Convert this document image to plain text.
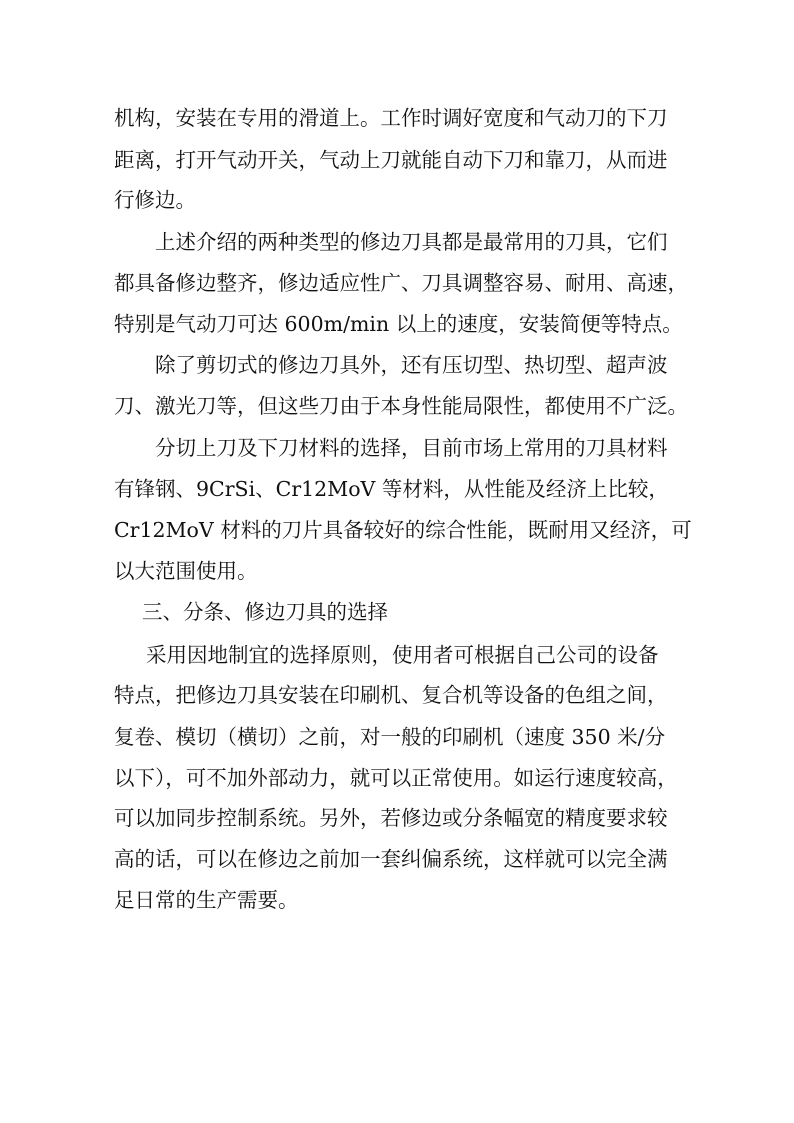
机构，安装在专用的滑道上。工作时调好宽度和气动刀的下刀
距离，打开气动开关，气动上刀就能自动下刀和靠刀，从而进
行修边。
上述介绍的两种类型的修边刀具都是最常用的刀具，它们
都具备修边整齐，修边适应性广、刀具调整容易、耐用、高速，
特别是气动刀可达 600m/min 以上的速度，安装简便等特点。
除了剪切式的修边刀具外，还有压切型、热切型、超声波
刀、激光刀等，但这些刀由于本身性能局限性，都使用不广泛。
分切上刀及下刀材料的选择，目前市场上常用的刀具材料
有锋钢、9CrSi、Cr12MoV 等材料，从性能及经济上比较，
Cr12MoV 材料的刀片具备较好的综合性能，既耐用又经济，可
以大范围使用。
三、分条、修边刀具的选择
采用因地制宜的选择原则，使用者可根据自己公司的设备
特点，把修边刀具安装在印刷机、复合机等设备的色组之间，
复卷、模切（横切）之前，对一般的印刷机（速度 350 米/分
以下），可不加外部动力，就可以正常使用。如运行速度较高，
可以加同步控制系统。另外，若修边或分条幅宽的精度要求较
高的话，可以在修边之前加一套纠偏系统，这样就可以完全满
足日常的生产需要。
